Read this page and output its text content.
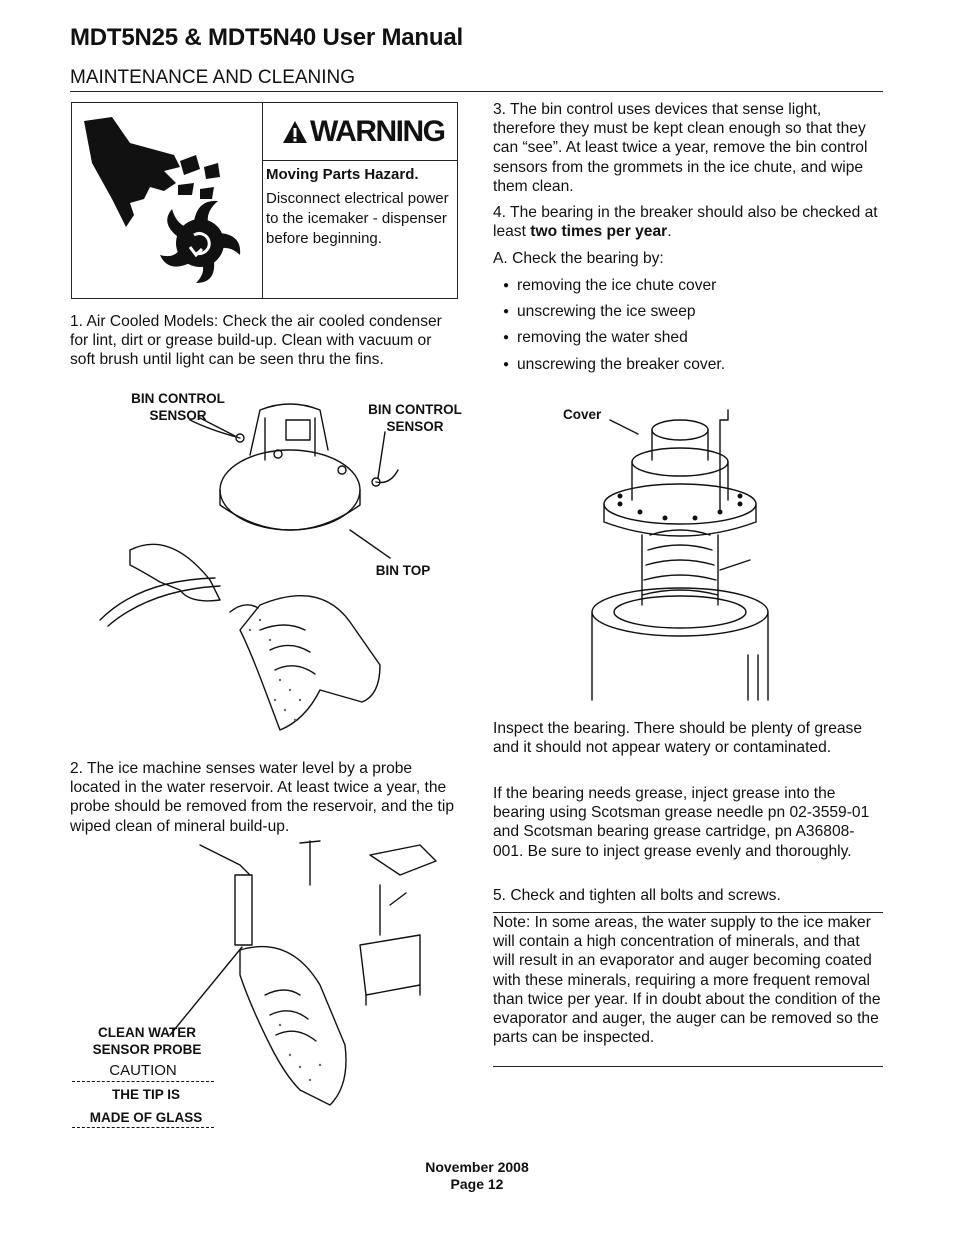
MDT5N25 & MDT5N40 User Manual
MAINTENANCE AND CLEANING
WARNING
Moving Parts Hazard.
Disconnect electrical power to the icemaker - dispenser before beginning.
1. Air Cooled Models: Check the air cooled condenser for lint, dirt or grease build-up. Clean with vacuum or soft brush until light can be seen thru the fins.
BIN CONTROL SENSOR	BIN CONTROL SENSOR
BIN TOP
2. The ice machine senses water level by a probe located in the water reservoir. At least twice a year, the probe should be removed from the reservoir, and the tip wiped clean of mineral build-up.
CLEAN WATER SENSOR PROBE
CAUTION
THE TIP IS
MADE OF GLASS
3. The bin control uses devices that sense light, therefore they must be kept clean enough so that they can “see”. At least twice a year, remove the bin control sensors from the grommets in the ice chute, and wipe them clean.
4. The bearing in the breaker should also be checked at least two times per year.
A. Check the bearing by:
● removing the ice chute cover
● unscrewing the ice sweep
● removing the water shed
● unscrewing the breaker cover.
Cover
Inspect the bearing. There should be plenty of grease and it should not appear watery or contaminated.
If the bearing needs grease, inject grease into the bearing using Scotsman grease needle pn 02-3559-01 and Scotsman bearing grease cartridge, pn A36808-001. Be sure to inject grease evenly and thoroughly.
5. Check and tighten all bolts and screws.
Note: In some areas, the water supply to the ice maker will contain a high concentration of minerals, and that will result in an evaporator and auger becoming coated with these minerals, requiring a more frequent removal than twice per year. If in doubt about the condition of the evaporator and auger, the auger can be removed so the parts can be inspected.
November 2008
Page 12
